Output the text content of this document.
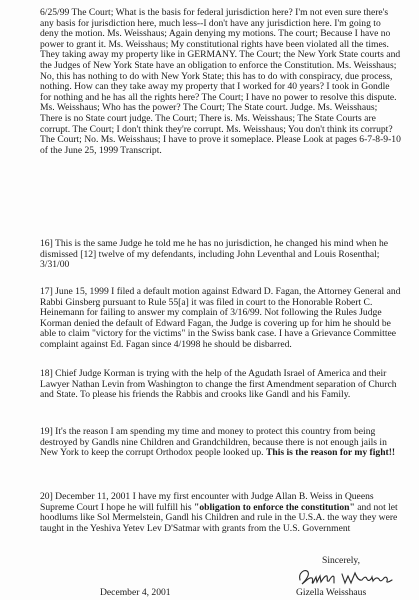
6/25/99 The Court; What is the basis for federal jurisdiction here? I'm not even sure there's any basis for jurisdiction here, much less--I don't have any jurisdiction here. I'm going to deny the motion. Ms. Weisshaus; Again denying my motions. The court; Because I have no power to grant it. Ms. Weisshaus; My constitutional rights have been violated all the times. They taking away my property like in GERMANY. The Court; the New York State courts and the Judges of New York State have an obligation to enforce the Constitution. Ms. Weisshaus; No, this has nothing to do with New York State; this has to do with conspiracy, due process, nothing. How can they take away my property that I worked for 40 years? I took in Gondle for nothing and he has all the rights here? The Court; I have no power to resolve this dispute. Ms. Weisshaus; Who has the power? The Court; The State court. Judge. Ms. Weisshaus; There is no State court judge. The Court; There is. Ms. Weisshaus; The State Courts are corrupt. The Court; I don't think they're corrupt. Ms. Weisshaus; You don't think its corrupt? The Court; No. Ms. Weisshaus; I have to prove it someplace. Please Look at pages 6-7-8-9-10 of the June 25, 1999 Transcript.

16] This is the same Judge he told me he has no jurisdiction, he changed his mind when he dismissed [12] twelve of my defendants, including John Leventhal and Louis Rosenthal; 3/31/00

17] June 15, 1999 I filed a default motion against Edward D. Fagan, the Attorney General and Rabbi Ginsberg pursuant to Rule 55[a] it was filed in court to the Honorable Robert C. Heinemann for failing to answer my complain of 3/16/99. Not following the Rules Judge Korman denied the default of Edward Fagan, the Judge is covering up for him he should be able to claim "victory for the victims" in the Swiss bank case. I have a Grievance Committee complaint against Ed. Fagan since 4/1998 he should be disbarred.

18] Chief Judge Korman is trying with the help of the Agudath Israel of America and their Lawyer Nathan Levin from Washington to change the first Amendment separation of Church and State. To please his friends the Rabbis and crooks like Gandl and his Family.

19] It's the reason I am spending my time and money to protect this country from being destroyed by Gandls nine Children and Grandchildren, because there is not enough jails in New York to keep the corrupt Orthodox people looked up. This is the reason for my fight!!

20] December 11, 2001 I have my first encounter with Judge Allan B. Weiss in Queens Supreme Court I hope he will fulfill his "obligation to enforce the constitution" and not let hoodlums like Sol Mermelstein, Gandl his Children and rule in the U.S.A. the way they were taught in the Yeshiva Yetev Lev D'Satmar with grants from the U.S. Government

Sincerely,
December 4, 2001	Gizella Weisshaus
